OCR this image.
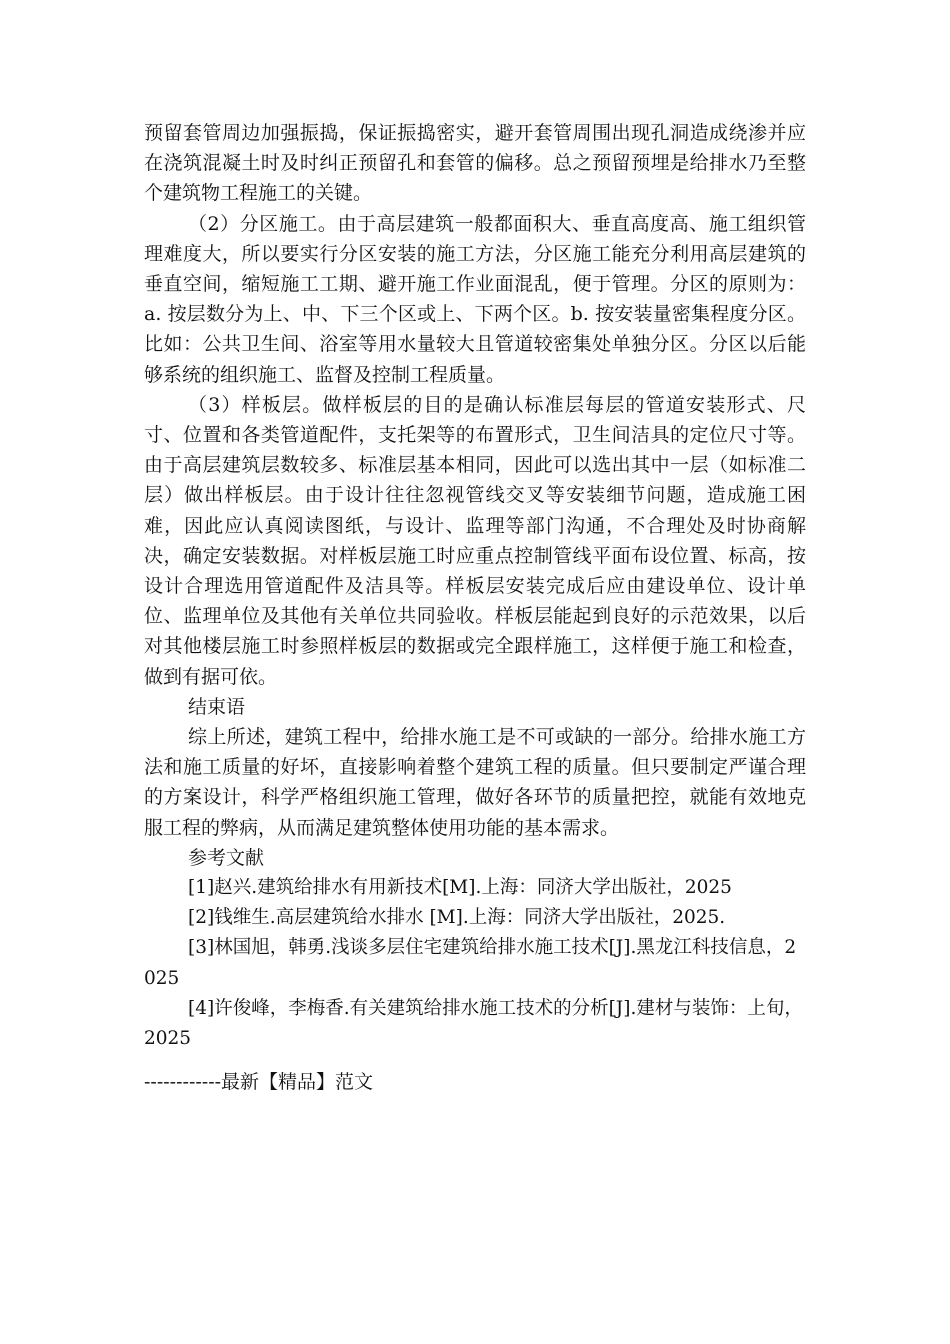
预留套管周边加强振捣，保证振捣密实，避开套管周围出现孔洞造成绕渗并应在浇筑混凝土时及时纠正预留孔和套管的偏移。总之预留预埋是给排水乃至整个建筑物工程施工的关键。

（2）分区施工。由于高层建筑一般都面积大、垂直高度高、施工组织管理难度大，所以要实行分区安装的施工方法，分区施工能充分利用高层建筑的垂直空间，缩短施工工期、避开施工作业面混乱，便于管理。分区的原则为：a. 按层数分为上、中、下三个区或上、下两个区。b. 按安装量密集程度分区。比如：公共卫生间、浴室等用水量较大且管道较密集处单独分区。分区以后能够系统的组织施工、监督及控制工程质量。

（3）样板层。做样板层的目的是确认标准层每层的管道安装形式、尺寸、位置和各类管道配件，支托架等的布置形式，卫生间洁具的定位尺寸等。由于高层建筑层数较多、标准层基本相同，因此可以选出其中一层（如标准二层）做出样板层。由于设计往往忽视管线交叉等安装细节问题，造成施工困难，因此应认真阅读图纸，与设计、监理等部门沟通，不合理处及时协商解决，确定安装数据。对样板层施工时应重点控制管线平面布设位置、标高，按设计合理选用管道配件及洁具等。样板层安装完成后应由建设单位、设计单位、监理单位及其他有关单位共同验收。样板层能起到良好的示范效果，以后对其他楼层施工时参照样板层的数据或完全跟样施工，这样便于施工和检查，做到有据可依。

结束语

综上所述，建筑工程中，给排水施工是不可或缺的一部分。给排水施工方法和施工质量的好坏，直接影响着整个建筑工程的质量。但只要制定严谨合理的方案设计，科学严格组织施工管理，做好各环节的质量把控，就能有效地克服工程的弊病，从而满足建筑整体使用功能的基本需求。

参考文献

[1]赵兴.建筑给排水有用新技术[M].上海：同济大学出版社，2025

[2]钱维生.高层建筑给水排水 [M].上海：同济大学出版社，2025.

[3]林国旭，韩勇.浅谈多层住宅建筑给排水施工技术[J].黑龙江科技信息，2025

[4]许俊峰，李梅香.有关建筑给排水施工技术的分析[J].建材与装饰：上旬，2025

------------最新【精品】范文
